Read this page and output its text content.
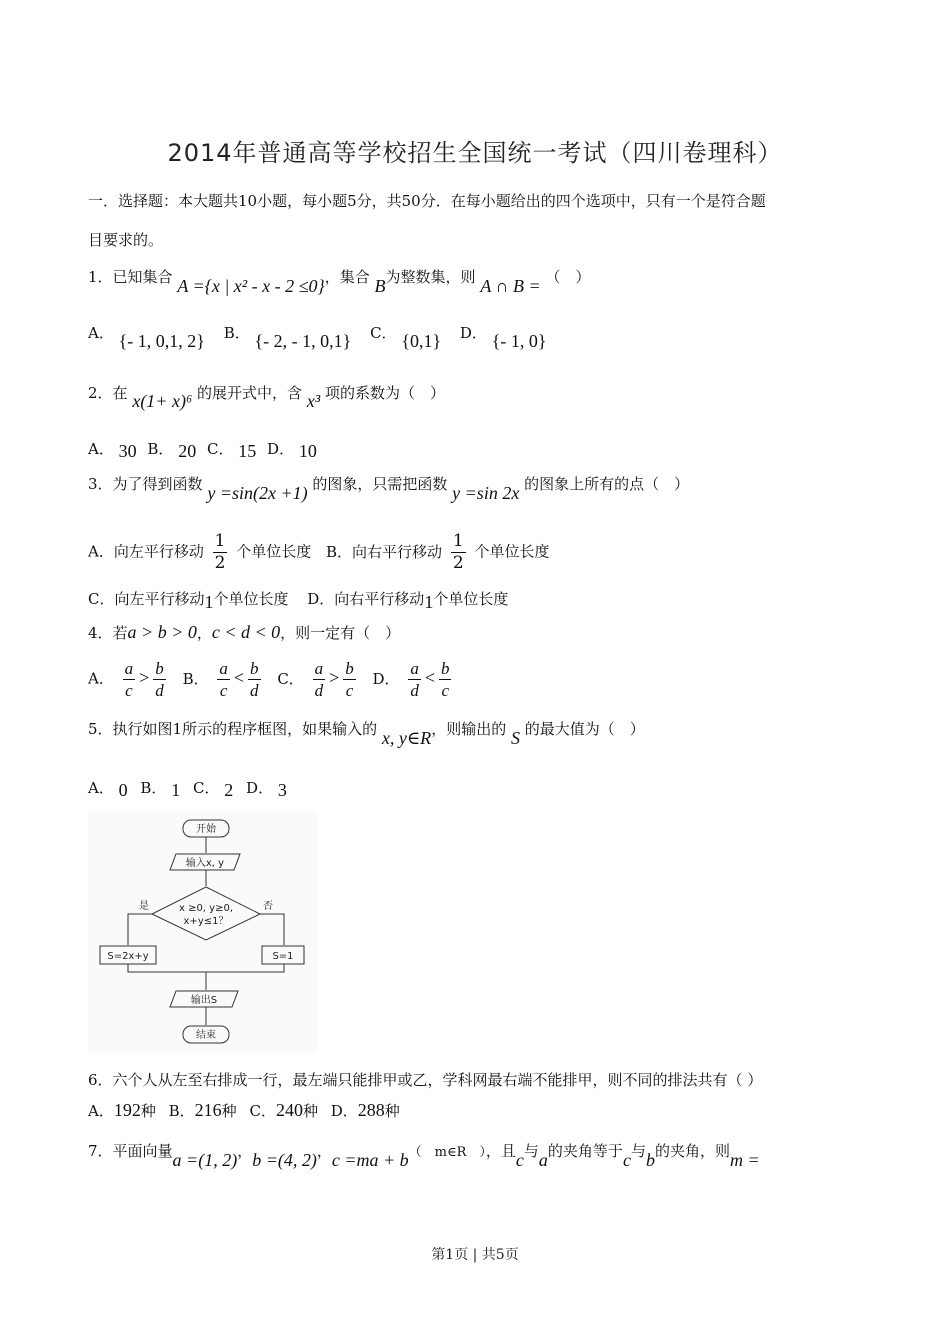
2014年普通高等学校招生全国统一考试（四川卷理科）
一．选择题：本大题共10小题，每小题5分，共50分．在每小题给出的四个选项中，只有一个是符合题
目要求的。
1．已知集合 A ={x | x² - x - 2 ≤0}，集合 B为整数集，则 A ∩ B = （　）
A． {- 1, 0,1, 2} B． {- 2, - 1, 0,1} C． {0,1} D． {- 1, 0}
2．在 x(1+ x)⁶ 的展开式中，含 x³ 项的系数为（　）
A． 30 B． 20 C． 15 D． 10
3．为了得到函数 y =sin(2x +1) 的图象，只需把函数 y =sin 2x 的图象上所有的点（　）
A．向左平行移动 $\frac{1}{2}$ 个单位长度 B．向右平行移动 $\frac{1}{2}$ 个单位长度
C．向左平行移动1个单位长度 D．向右平行移动1个单位长度
4．若a > b > 0，c < d < 0，则一定有（　）
A． $\frac{a}{c} > \frac{b}{d}$ B． $\frac{a}{c} < \frac{b}{d}$ C． $\frac{a}{d} > \frac{b}{c}$ D． $\frac{a}{d} < \frac{b}{c}$
5．执行如图1所示的程序框图，如果输入的 x, y∈R，则输出的 S 的最大值为（　）
A． 0 B． 1 C． 2 D． 3
开始
输入x, y
x ≥0, y≥0,
x+y≤1？
是	否
S=2x+y	S=1
输出S
结束
6．六个人从左至右排成一行，最左端只能排甲或乙，学科网最右端不能排甲，则不同的排法共有（ ）
A．192种 B．216种 C．240种 D．288种
7．平面向量a =(1, 2)，b =(4, 2)，c =ma + b（　m∈R　），且c与a的夹角等于c与b的夹角，则m =
第1页 | 共5页
